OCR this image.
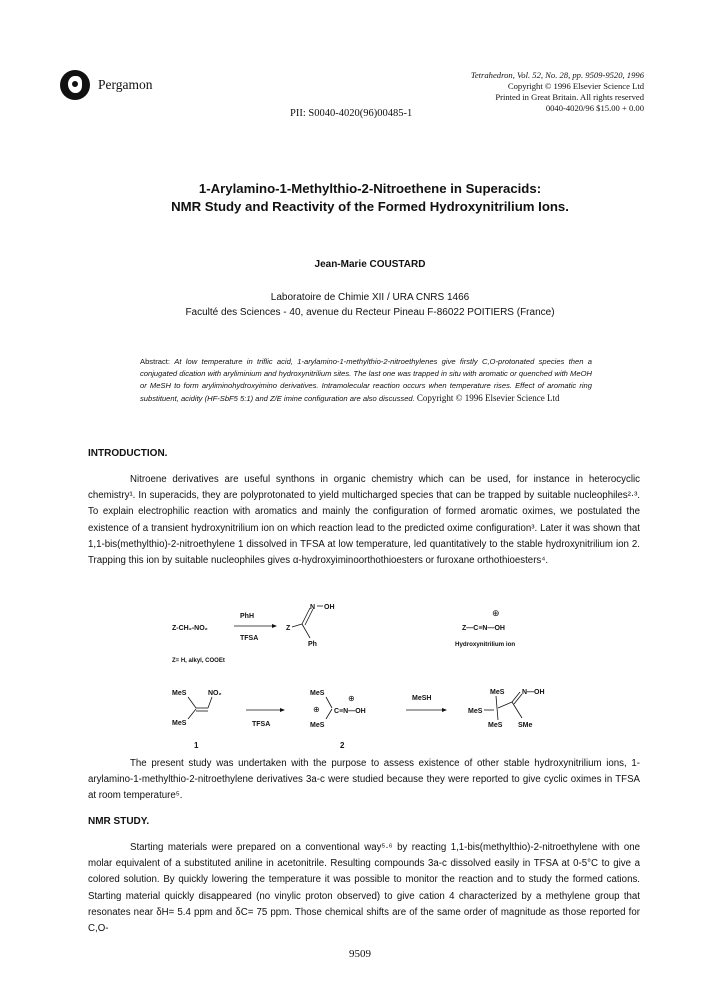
Pergamon
Tetrahedron, Vol. 52, No. 28, pp. 9509-9520, 1996
Copyright © 1996 Elsevier Science Ltd
Printed in Great Britain. All rights reserved
0040-4020/96 $15.00 + 0.00
PII: S0040-4020(96)00485-1
1-Arylamino-1-Methylthio-2-Nitroethene in Superacids:
NMR Study and Reactivity of the Formed Hydroxynitrilium Ions.
Jean-Marie COUSTARD
Laboratoire de Chimie XII / URA CNRS 1466
Faculté des Sciences - 40, avenue du Recteur Pineau F-86022 POITIERS (France)
Abstract: At low temperature in triflic acid, 1-arylamino-1-methylthio-2-nitroethylenes give firstly C,O-protonated species then a conjugated dication with aryliminium and hydroxynitrilium sites. The last one was trapped in situ with aromatic or quenched with MeOH or MeSH to form aryliminohydroxyimino derivatives. Intramolecular reaction occurs when temperature rises. Effect of aromatic ring substituent, acidity (HF-SbF5 5:1) and Z/E imine configuration are also discussed. Copyright © 1996 Elsevier Science Ltd
INTRODUCTION.

Nitroene derivatives are useful synthons in organic chemistry which can be used, for instance in heterocyclic chemistry¹. In superacids, they are polyprotonated to yield multicharged species that can be trapped by suitable nucleophiles²·³. To explain electrophilic reaction with aromatics and mainly the configuration of formed aromatic oximes, we postulated the existence of a transient hydroxynitrilium ion on which reaction lead to the predicted oxime configuration³. Later it was shown that 1,1-bis(methylthio)-2-nitroethylene 1 dissolved in TFSA at low temperature, led quantitatively to the stable hydroxynitrilium ion 2. Trapping this ion by suitable nucleophiles gives α-hydroxyiminoorthothioesters or furoxane orthothioesters⁴.

Z-CH₂-NO₂
PhH
TFSA
Z
N OH
Ph
Z= H, alkyl, COOEt
⊕
Z—C≡N—OH
Hydroxynitrilium ion
MeS	NO₂
MeS	TFSA
MeS
⊕
⊕
C≡N—OH
MeS
MeSH
MeS
MeS
N—OH
MeS SMe
1	2

The present study was undertaken with the purpose to assess existence of other stable hydroxynitrilium ions, 1-arylamino-1-methylthio-2-nitroethylene derivatives 3a-c were studied because they were reported to give cyclic oximes in TFSA at room temperature⁵.

NMR STUDY.

Starting materials were prepared on a conventional way⁵·⁶ by reacting 1,1-bis(methylthio)-2-nitroethylene with one molar equivalent of a substituted aniline in acetonitrile. Resulting compounds 3a-c dissolved easily in TFSA at 0-5°C to give a colored solution. By quickly lowering the temperature it was possible to monitor the reaction and to study the formed cations. Starting material quickly disappeared (no vinylic proton observed) to give cation 4 characterized by a methylene group that resonates near δH= 5.4 ppm and δC= 75 ppm. Those chemical shifts are of the same order of magnitude as those reported for C,O-

9509
